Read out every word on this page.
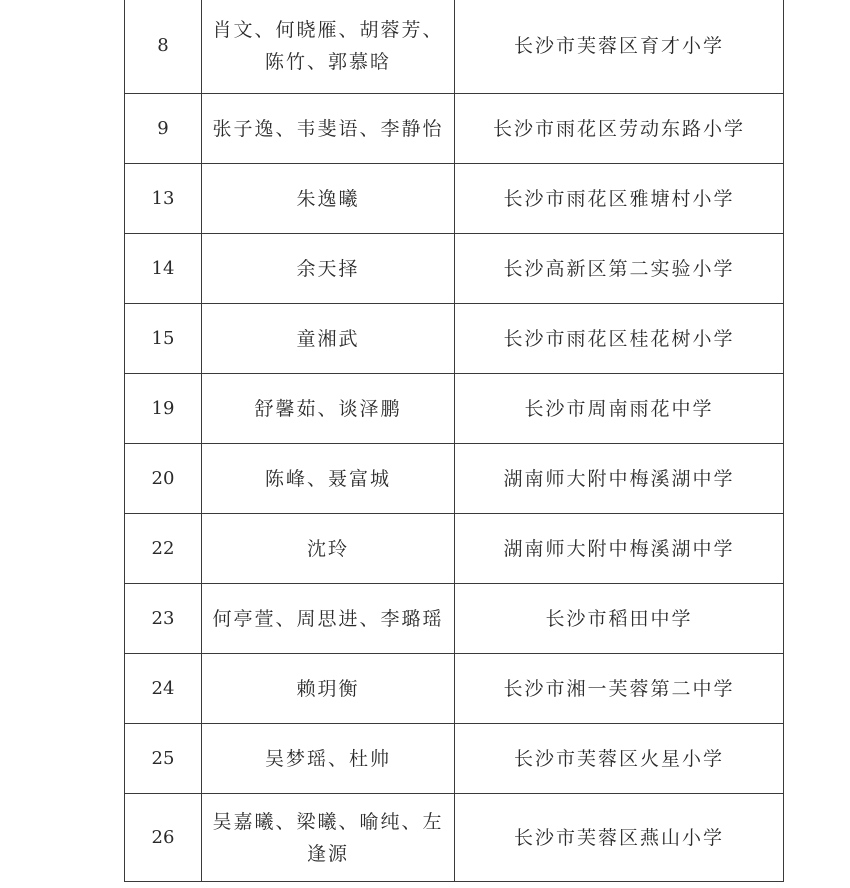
8	肖文、何晓雁、胡蓉芳、陈竹、郭慕晗	长沙市芙蓉区育才小学
9	张子逸、韦斐语、李静怡	长沙市雨花区劳动东路小学
13	朱逸曦	长沙市雨花区雅塘村小学
14	余天择	长沙高新区第二实验小学
15	童湘武	长沙市雨花区桂花树小学
19	舒馨茹、谈泽鹏	长沙市周南雨花中学
20	陈峰、聂富城	湖南师大附中梅溪湖中学
22	沈玲	湖南师大附中梅溪湖中学
23	何亭萱、周思进、李璐瑶	长沙市稻田中学
24	赖玥衡	长沙市湘一芙蓉第二中学
25	吴梦瑶、杜帅	长沙市芙蓉区火星小学
26	吴嘉曦、梁曦、喻纯、左逢源	长沙市芙蓉区燕山小学
